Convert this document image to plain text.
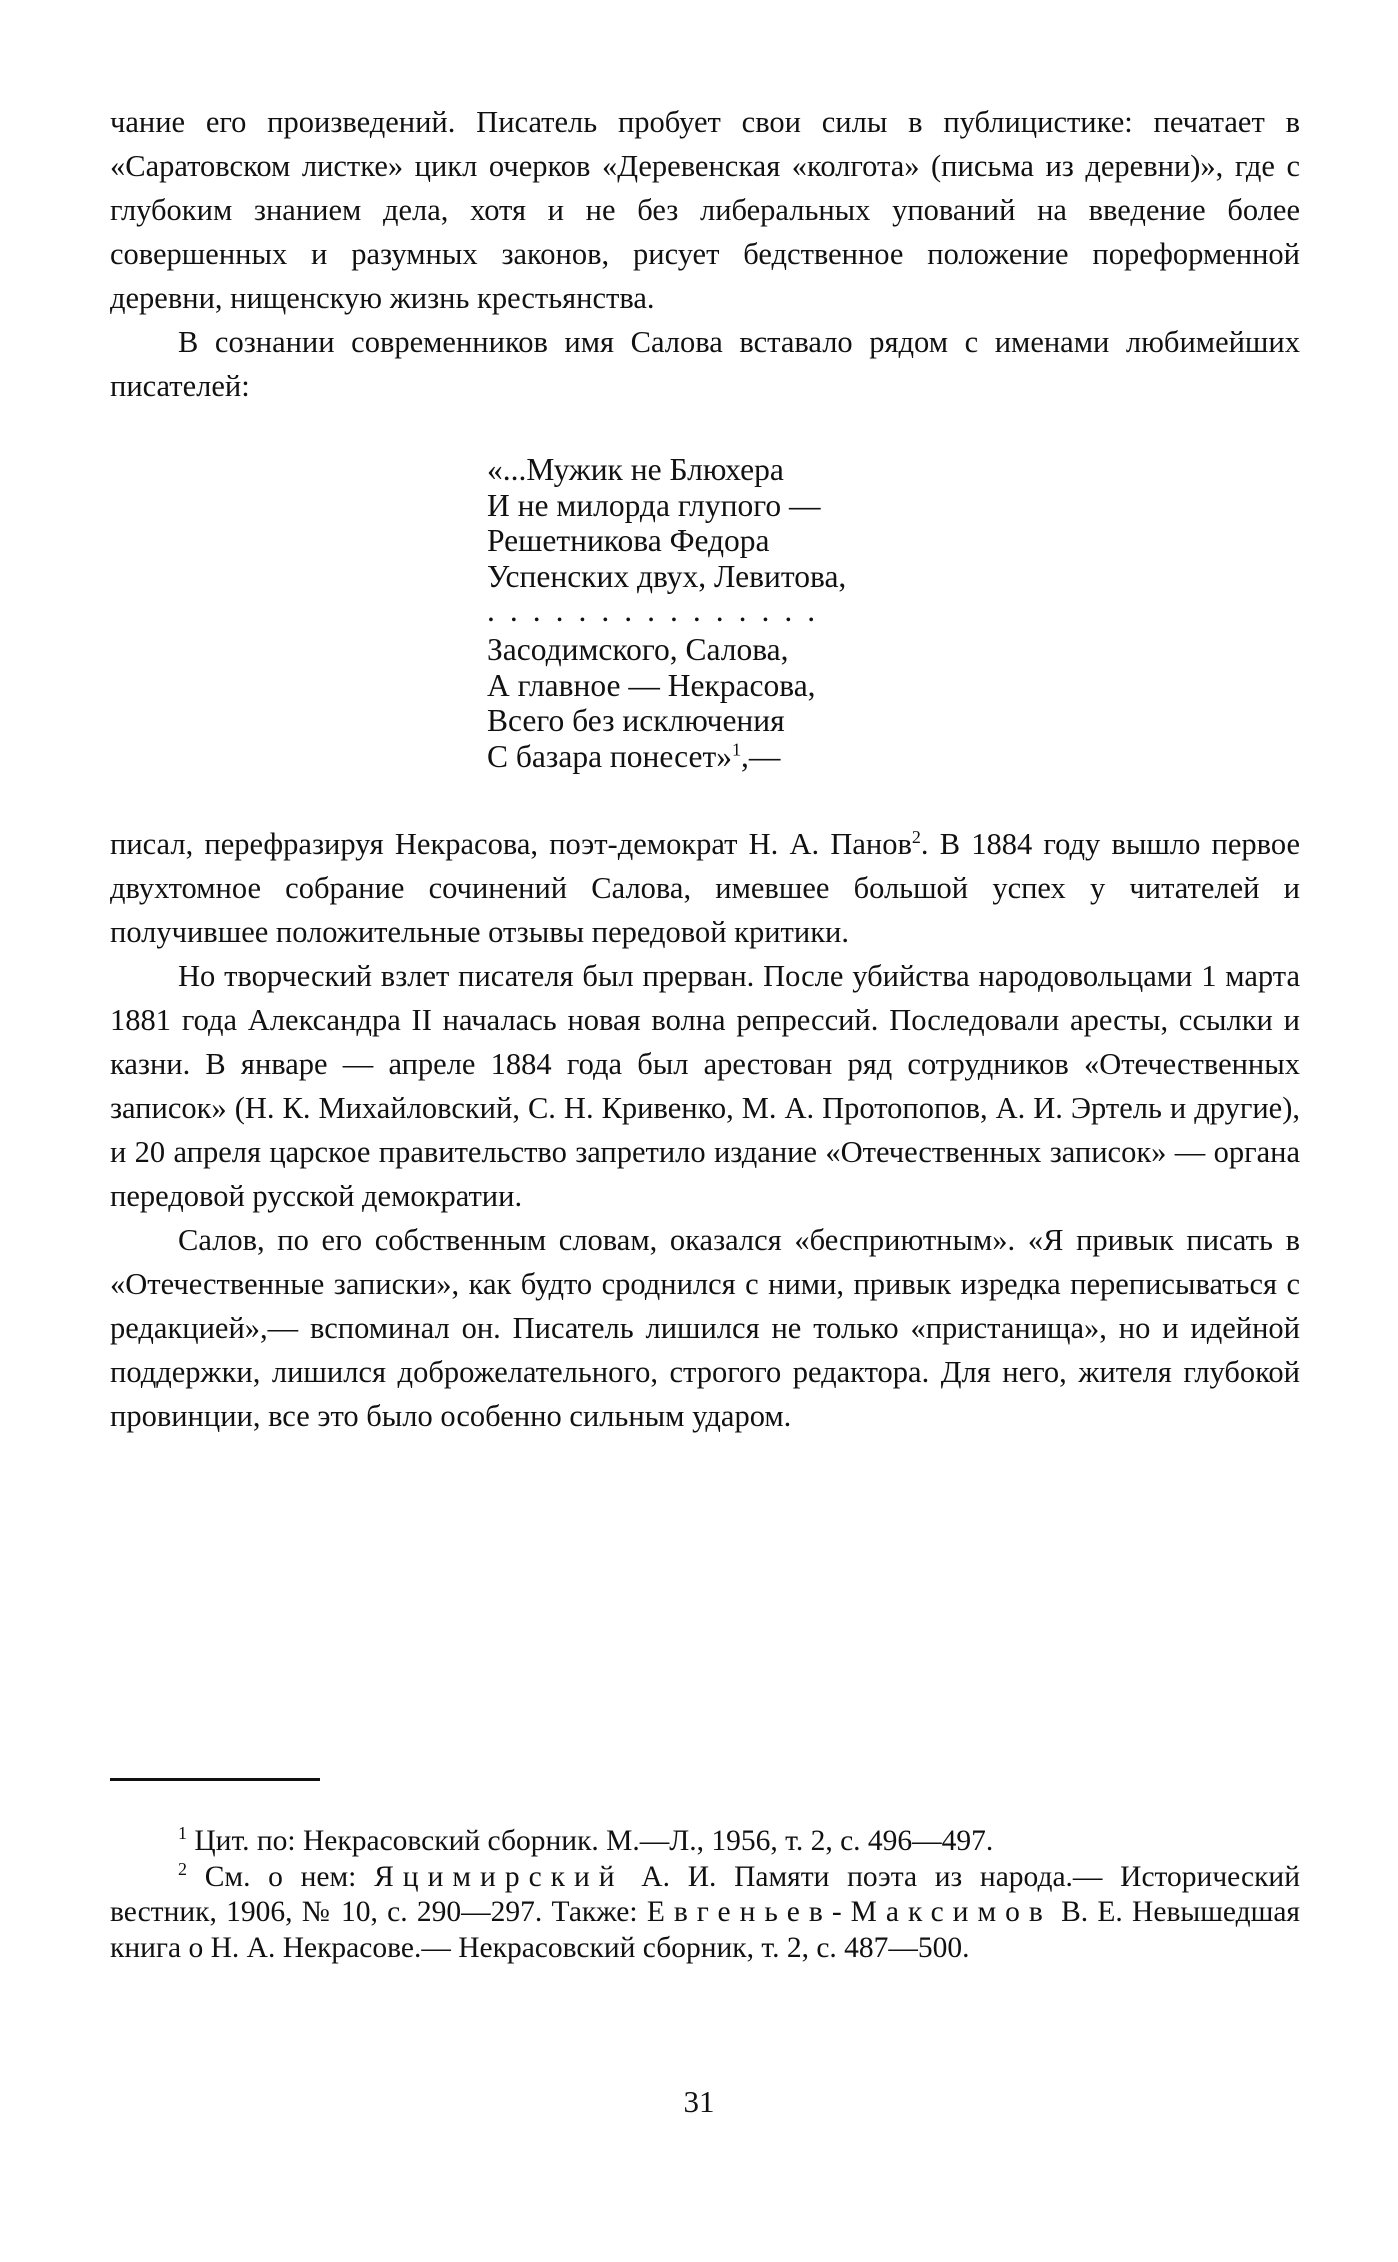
чание его произведений. Писатель пробует свои силы в публицистике: печатает в «Саратовском листке» цикл очерков «Деревенская «колгота» (письма из деревни)», где с глубоким знанием дела, хотя и не без либеральных упований на введение более совершенных и разумных законов, рисует бедственное положение пореформенной деревни, нищенскую жизнь крестьянства.

В сознании современников имя Салова вставало рядом с именами любимейших писателей:

«...Мужик не Блюхера
И не милорда глупого —
Решетникова Федора
Успенских двух, Левитова,
...............
Засодимского, Салова,
А главное — Некрасова,
Всего без исключения
С базара понесет»$^1$,—

писал, перефразируя Некрасова, поэт-демократ Н. А. Панов$^2$. В 1884 году вышло первое двухтомное собрание сочинений Салова, имевшее большой успех у читателей и получившее положительные отзывы передовой критики.

Но творческий взлет писателя был прерван. После убийства народовольцами 1 марта 1881 года Александра II началась новая волна репрессий. Последовали аресты, ссылки и казни. В январе — апреле 1884 года был арестован ряд сотрудников «Отечественных записок» (Н. К. Михайловский, С. Н. Кривенко, М. А. Протопопов, А. И. Эртель и другие), и 20 апреля царское правительство запретило издание «Отечественных записок» — органа передовой русской демократии.

Салов, по его собственным словам, оказался «бесприютным». «Я привык писать в «Отечественные записки», как будто сроднился с ними, привык изредка переписываться с редакцией»,— вспоминал он. Писатель лишился не только «пристанища», но и идейной поддержки, лишился доброжелательного, строгого редактора. Для него, жителя глубокой провинции, все это было особенно сильным ударом.

$^1$ Цит. по: Некрасовский сборник. М.—Л., 1956, т. 2, с. 496—497.

$^2$ См. о нем: Яцимирский А. И. Памяти поэта из народа.— Исторический вестник, 1906, № 10, с. 290—297. Также: Евгеньев-Максимов В. Е. Невышедшая книга о Н. А. Некрасове.— Некрасовский сборник, т. 2, с. 487—500.

31
